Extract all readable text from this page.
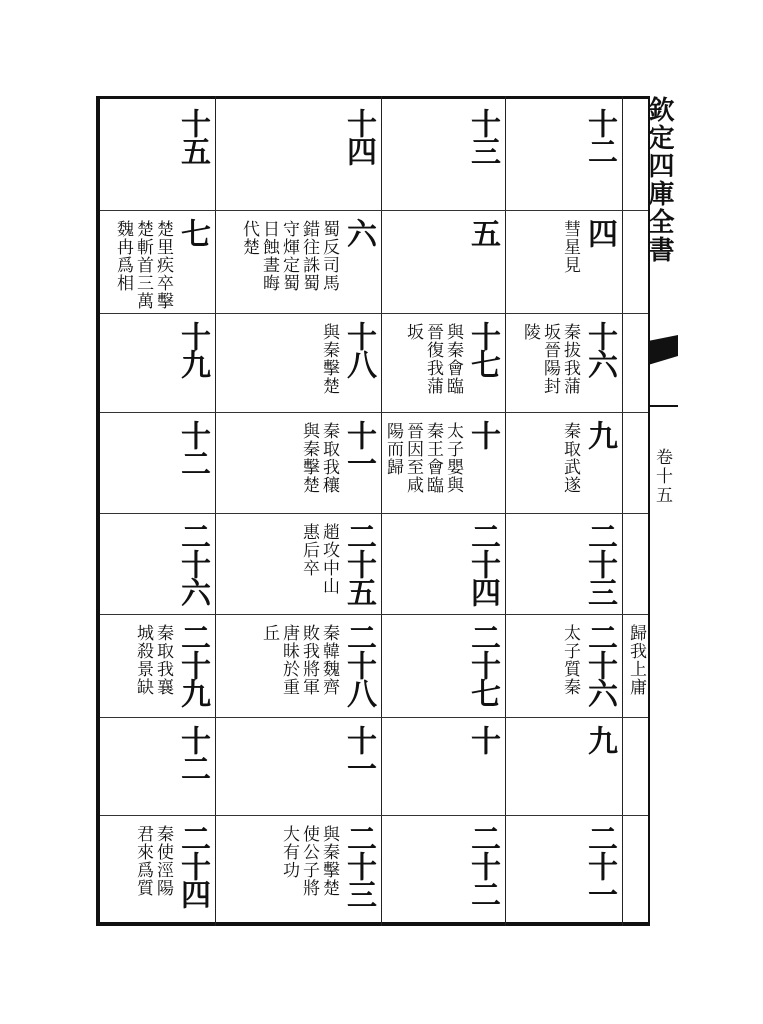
欽定四庫全書
卷十五
十二
十三
十四
十五
四
彗星見
五
六
蜀反司馬
錯往誅蜀
守煇定蜀
日蝕晝晦
代楚
七
楚里疾卒擊
楚斬首三萬
魏冉爲相
十六
秦拔我蒲
坂晉陽封
陵
十七
與秦會臨
晉復我蒲
坂
十八
與秦擊楚
十九
九
秦取武遂
十
太子嬰與
秦王會臨
晉因至咸
陽而歸
十一
秦取我穰
與秦擊楚
十二
二十三
二十四
二十五
趙攻中山
惠后卒
二十六
歸我上庸
二十六
太子質秦
二十七
二十八
秦韓魏齊
敗我將軍
唐昧於重
丘
二十九
秦取我襄
城殺景缺
九
十
十一
十二
二十一
二十二
二十三
與秦擊楚
使公子將
大有功
二十四
秦使涇陽
君來爲質
